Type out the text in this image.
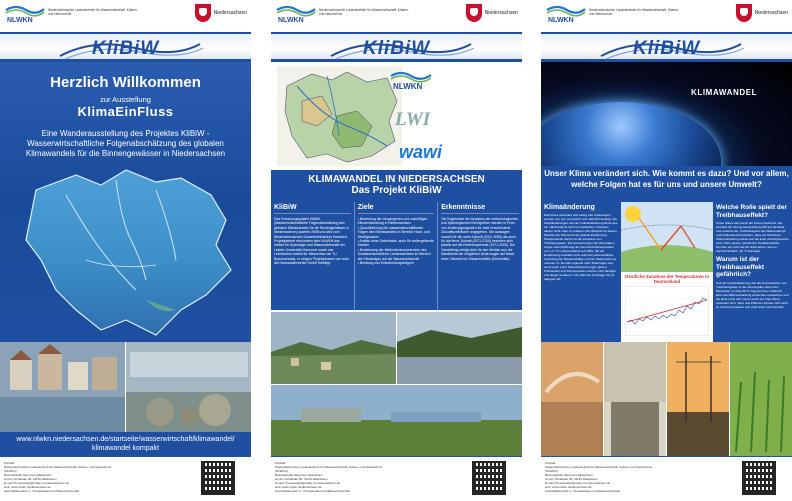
NLWKN
Niedersächsischer Landesbetrieb für Wasserwirtschaft, Küsten- und Naturschutz	Niedersachsen
KliBiW
Herzlich Willkommen
zur Ausstellung
KlimaEinFluss
Eine Wanderausstellung des Projektes KliBiW - Wasserwirtschaftliche Folgenabschätzung des globalen Klimawandels für die Binnengewässer in Niedersachsen
www.nlwkn.niedersachsen.de/startseite/wasserwirtschaft/klimawandel/ klimawandel kompakt
Kontakt:
Niedersächsischer Landesbetrieb für Wasserwirtschaft, Küsten- und Naturschutz (NLWKN)
Betriebsstelle Hannover-Hildesheim
An der Scharlake 39, 31135 Hildesheim
E-mail: Pressestelle@nlwkn-hi.niedersachsen.de
web: www.nlwkn.niedersachsen.de
Geschäftsbereich 3 - Klimawandel und Wasserwirtschaft
NLWKN
Niedersächsischer Landesbetrieb für Wasserwirtschaft, Küsten- und Naturschutz	Niedersachsen
KliBiW
NLWKN
LWI
wawi
KLIMAWANDEL IN NIEDERSACHSEN
Das Projekt KliBiW
KliBiW

Das Forschungsprojekt KliBiW (Wasserwirtschaftliche Folgenabschätzung des globalen Klimawandels für die Binnengewässer in Niedersachsen) startete 2008 und wird vom Niedersächsischen Umweltministerium finanziert. Projektpartner sind neben dem NLWKN das Institut für Hydrologie und Wasserwirtschaft der Leibniz Universität Hannover sowie das Leichtweiss-Institut für Wasserbau der TU Braunschweig. In einigen Projektphasen war auch die Harzwasserwerke GmbH beteiligt.

Ziele
• Bewertung der vergangenen und zukünftigen Klimaentwicklung in Niedersachsen
• Quantifizierung der wasserwirtschaftlichen Folgen des Klimawandels im Bereich Hoch- und Niedrigwasser
• Aufbau einer Datenbasis, auch für weitergehende Studien
• Erweiterung der Methodenkompetenzen des Gewässerkundlichen Landesdienstes im Bereich der Klimafolgen auf die Wasserwirtschaft
• Beratung von Entscheidungsträgern
Erkenntnisse

Die Ergebnisse der Analysen der meteorologischen und hydrologischen Kenngrößen werden in Form von Änderungssignalen für zwei verschiedene Zukunftszeiträume angegeben. Die Aussagen sowohl für die nahe Zukunft (2021-2050) als auch für die ferne Zukunft (2071-2100) beziehen sich jeweils auf die Referenzperiode (1971-2000). Die Darstellung erfolgt stets für den Median aus der Bandbreite der möglichen Änderungen auf Basis einer Vielzahl von Klimamodellen (Ensemble).

Kontakt:
Niedersächsischer Landesbetrieb für Wasserwirtschaft, Küsten- und Naturschutz (NLWKN)
Betriebsstelle Hannover-Hildesheim
An der Scharlake 39, 31135 Hildesheim
E-mail: Pressestelle@nlwkn-hi.niedersachsen.de
web: www.nlwkn.niedersachsen.de
Geschäftsbereich 3 - Klimawandel und Wasserwirtschaft
NLWKN
Niedersächsischer Landesbetrieb für Wasserwirtschaft, Küsten- und Naturschutz	Niedersachsen
KliBiW
KLIMAWANDEL
Unser Klima verändert sich. Wie kommt es dazu? Und vor allem, welche Folgen hat es für uns und unsere Umwelt?
Klimaänderung

Das Klima verändert sich stetig. Die Änderungen werden von uns verursacht und natürlich bedingt. Die Klimaänderungen seit der Industrialisierung Ende des 18. Jahrhunderts sind mit natürlichen Ursachen alleine nicht mehr zu erklären. Ein Beispiel für diesen Wandel des Klimas ist die globale Erwärmung. Hauptursache hierfür ist die Zunahme von Treibhausgasen. Die Auswertungen der Klimadaten zeigen eine Erhöhung der Durchschnittstemperatur von 1,6 °C in Deutschland seit 1881. Mit der Erwärmung verändert sich auch die jahreszeitliche Verteilung der Niederschläge und der Wetterextreme nehmen zu. Es wird regional mehr Starkregen und somit auch mehr Überschwemmungen geben. Hitzewellen und Dürreperioden werden sich häufiger und länger andauern. Die Zahl der Frosttage nimmt dagegen ab.	Deutliche Zunahme der Temperaturen in Deutschland
Welche Rolle spielt der Treibhauseffekt?

Unser Klima wird durch die Sonne bestimmt. Ein Großteil der Sonneneinstrahlung trifft auf die Erde und erwärmt sie. Treibhausgase wie Wasserdampf und Kohlendioxid bewirken, dass ein Teil dieser Wärmestrahlung wieder auf die Erde zurückgeworfen wird. Ohne diesen natürlichen Treibhauseffekt könnten wir nicht auf der Erde leben: weil es durchschnittlich -18 °C kalt wäre.

Warum ist der Treibhauseffekt gefährlich?

Seit der Industrialisierung hat die Konzentration von Treibhausgasen in der Atmosphäre durch den Menschen um fast 50 % zugenommen. Dadurch kann die Wärmestrahlung schlechter entweichen und die Erde heizt sich immer mehr auf. Das Klima verändert sich. Tiere und Pflanzen können sich nicht so schnell anpassen und viele Arten sind bedroht.

Kontakt:
Niedersächsischer Landesbetrieb für Wasserwirtschaft, Küsten- und Naturschutz (NLWKN)
Betriebsstelle Hannover-Hildesheim
An der Scharlake 39, 31135 Hildesheim
E-mail: Pressestelle@nlwkn-hi.niedersachsen.de
web: www.nlwkn.niedersachsen.de
Geschäftsbereich 3 - Klimawandel und Wasserwirtschaft
